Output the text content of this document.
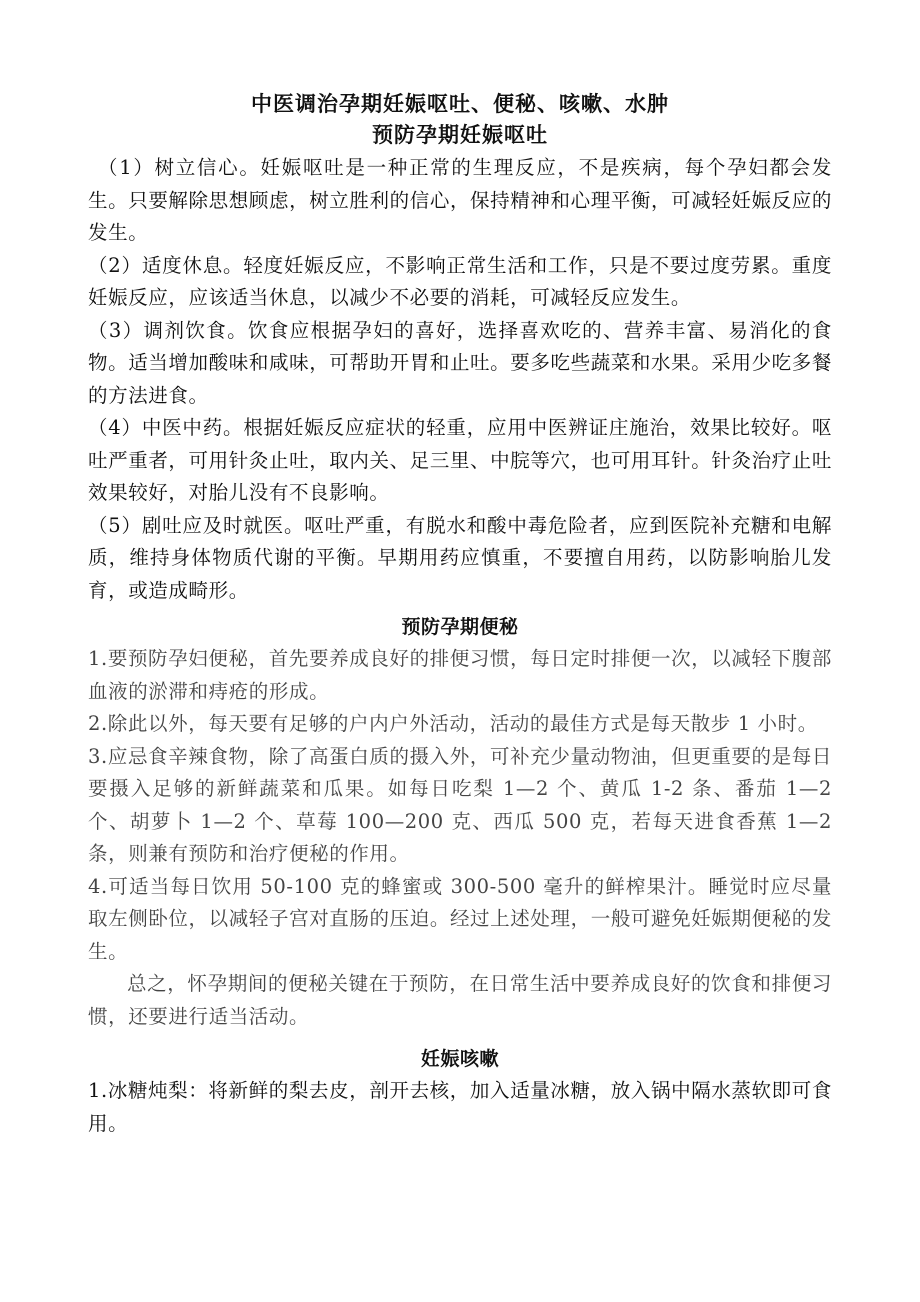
中医调治孕期妊娠呕吐、便秘、咳嗽、水肿
预防孕期妊娠呕吐

（1）树立信心。妊娠呕吐是一种正常的生理反应，不是疾病，每个孕妇都会发生。只要解除思想顾虑，树立胜利的信心，保持精神和心理平衡，可减轻妊娠反应的发生。

（2）适度休息。轻度妊娠反应，不影响正常生活和工作，只是不要过度劳累。重度妊娠反应，应该适当休息，以减少不必要的消耗，可减轻反应发生。

（3）调剂饮食。饮食应根据孕妇的喜好，选择喜欢吃的、营养丰富、易消化的食物。适当增加酸味和咸味，可帮助开胃和止吐。要多吃些蔬菜和水果。采用少吃多餐的方法进食。

（4）中医中药。根据妊娠反应症状的轻重，应用中医辨证庄施治，效果比较好。呕吐严重者，可用针灸止吐，取内关、足三里、中脘等穴，也可用耳针。针灸治疗止吐效果较好，对胎儿没有不良影响。

（5）剧吐应及时就医。呕吐严重，有脱水和酸中毒危险者，应到医院补充糖和电解质，维持身体物质代谢的平衡。早期用药应慎重，不要擅自用药，以防影响胎儿发育，或造成畸形。

预防孕期便秘

1.要预防孕妇便秘，首先要养成良好的排便习惯，每日定时排便一次，以减轻下腹部血液的淤滞和痔疮的形成。

2.除此以外，每天要有足够的户内户外活动，活动的最佳方式是每天散步 1 小时。

3.应忌食辛辣食物，除了高蛋白质的摄入外，可补充少量动物油，但更重要的是每日要摄入足够的新鲜蔬菜和瓜果。如每日吃梨 1—2 个、黄瓜 1-2 条、番茄 1—2 个、胡萝卜 1—2 个、草莓 100—200 克、西瓜 500 克，若每天进食香蕉 1—2 条，则兼有预防和治疗便秘的作用。

4.可适当每日饮用 50-100 克的蜂蜜或 300-500 毫升的鲜榨果汁。睡觉时应尽量取左侧卧位，以减轻子宫对直肠的压迫。经过上述处理，一般可避免妊娠期便秘的发生。

总之，怀孕期间的便秘关键在于预防，在日常生活中要养成良好的饮食和排便习惯，还要进行适当活动。

妊娠咳嗽

1.冰糖炖梨：将新鲜的梨去皮，剖开去核，加入适量冰糖，放入锅中隔水蒸软即可食用。
